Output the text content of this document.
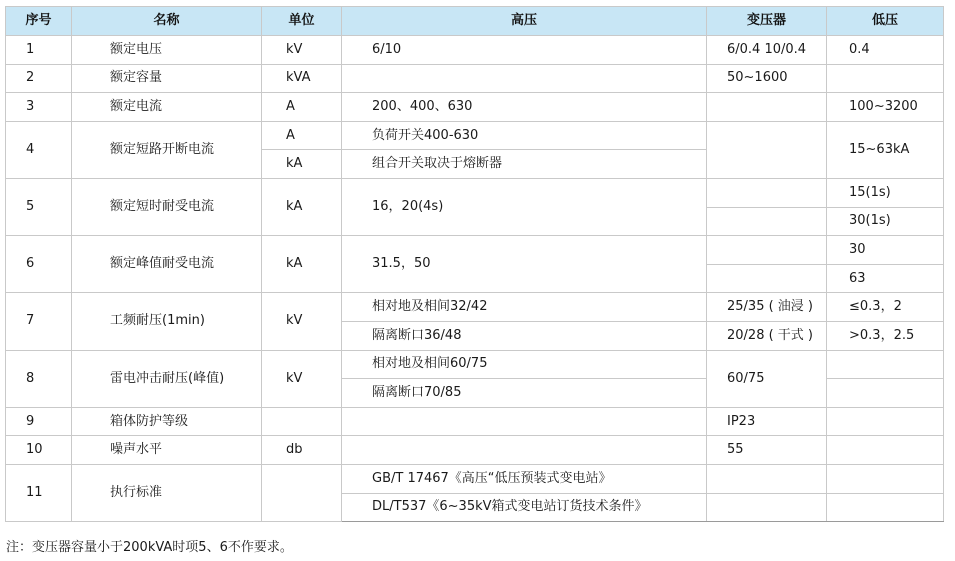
序号	名称	单位	高压	变压器	低压
1	额定电压	kV	6/10	6/0.4 10/0.4	0.4
2	额定容量	kVA		50~1600	
3	额定电流	A	200、400、630		100~3200
4	额定短路开断电流	A	负荷开关400-630		15~63kA
		kA	组合开关取决于熔断器		
5	额定短时耐受电流	kA	16，20(4s)		15(1s)
					30(1s)
6	额定峰值耐受电流	kA	31.5，50		30
					63
7	工频耐压(1min)	kV	相对地及相间32/42	25/35 ( 油浸 )	≤0.3，2
			隔离断口36/48	20/28 ( 干式 )	>0.3，2.5
8	雷电冲击耐压(峰值)	kV	相对地及相间60/75	60/75	
			隔离断口70/85		
9	箱体防护等级			IP23	
10	噪声水平	db		55	
11	执行标准		GB/T 17467《高压“低压预装式变电站》		
			DL/T537《6~35kV箱式变电站订货技术条件》		
注：变压器容量小于200kVA时项5、6不作要求。
